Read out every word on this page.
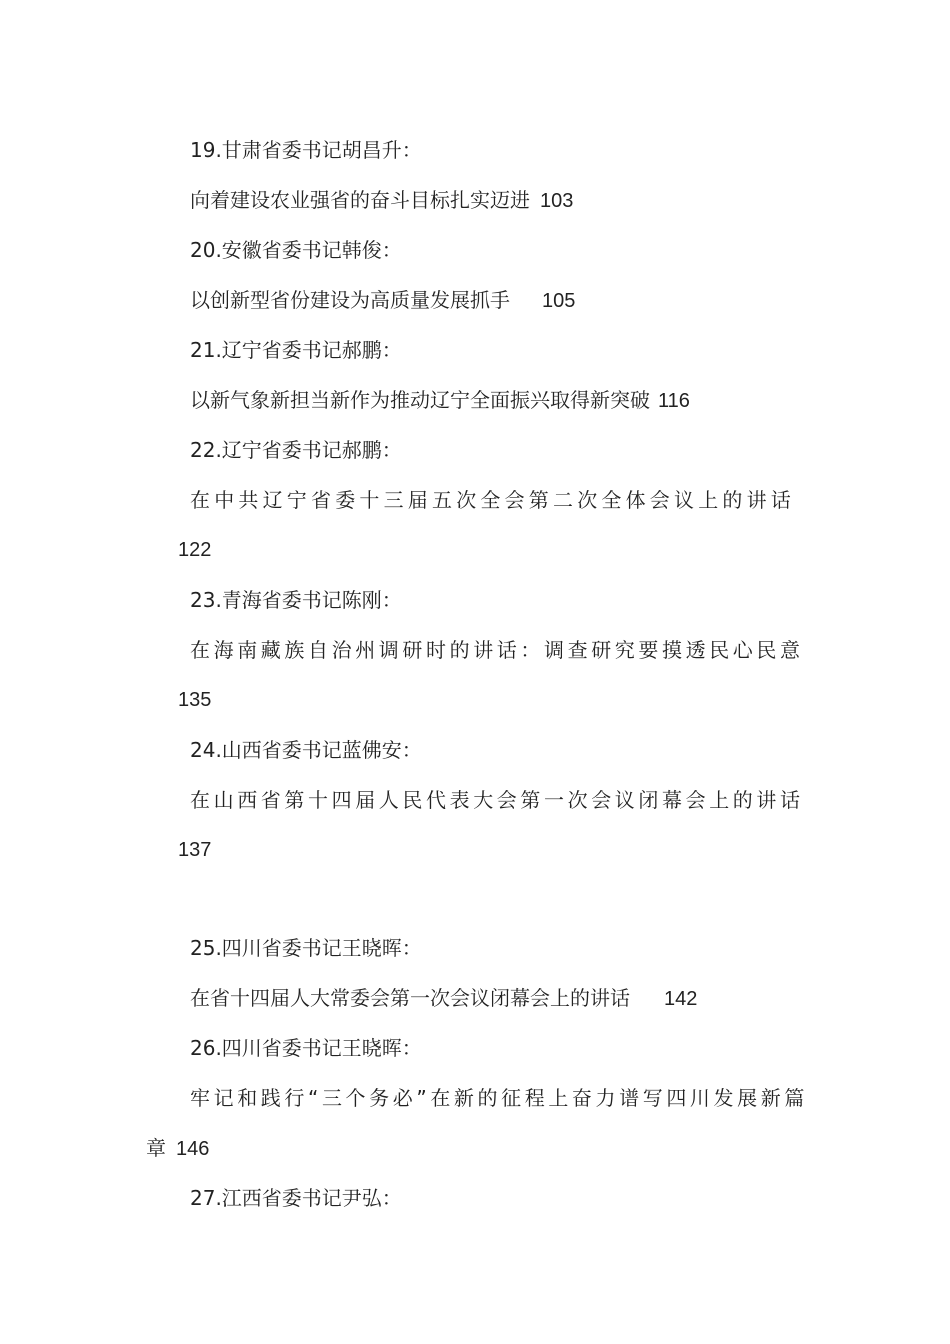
19.甘肃省委书记胡昌升：
向着建设农业强省的奋斗目标扎实迈进 103
20.安徽省委书记韩俊：
以创新型省份建设为高质量发展抓手 105
21.辽宁省委书记郝鹏：
以新气象新担当新作为推动辽宁全面振兴取得新突破 116
22.辽宁省委书记郝鹏：
在中共辽宁省委十三届五次全会第二次全体会议上的讲话
122
23.青海省委书记陈刚：
在海南藏族自治州调研时的讲话：调查研究要摸透民心民意
135
24.山西省委书记蓝佛安：
在山西省第十四届人民代表大会第一次会议闭幕会上的讲话
137
25.四川省委书记王晓晖：
在省十四届人大常委会第一次会议闭幕会上的讲话 142
26.四川省委书记王晓晖：
牢记和践行“三个务必”在新的征程上奋力谱写四川发展新篇
章 146
27.江西省委书记尹弘：
